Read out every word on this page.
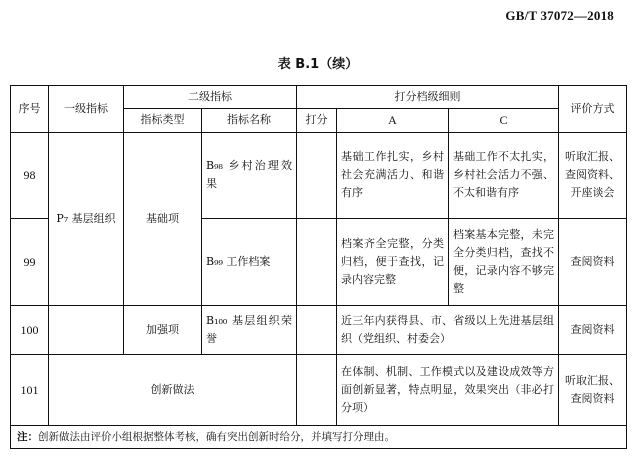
GB/T 37072—2018
表 B.1（续）
序号	一级指标	二级指标		打分档级细则			评价方式
		指标类型	指标名称	打分	A	C	
98	P₇ 基层组织	基础项	B₉₈ 乡村治理效果		基础工作扎实，乡村社会充满活力、和谐有序	基础工作不太扎实，乡村社会活力不强、不太和谐有序	听取汇报、查阅资料、开座谈会
99			B₉₉ 工作档案		档案齐全完整，分类归档，便于查找，记录内容完整	档案基本完整，未完全分类归档，查找不便，记录内容不够完整	查阅资料
100		加强项	B₁₀₀ 基层组织荣誉		近三年内获得县、市、省级以上先进基层组织（党组织、村委会）		查阅资料
101	创新做法				在体制、机制、工作模式以及建设成效等方面创新显著，特点明显，效果突出（非必打分项）		听取汇报、查阅资料
注：创新做法由评价小组根据整体考核，确有突出创新时给分，并填写打分理由。							
